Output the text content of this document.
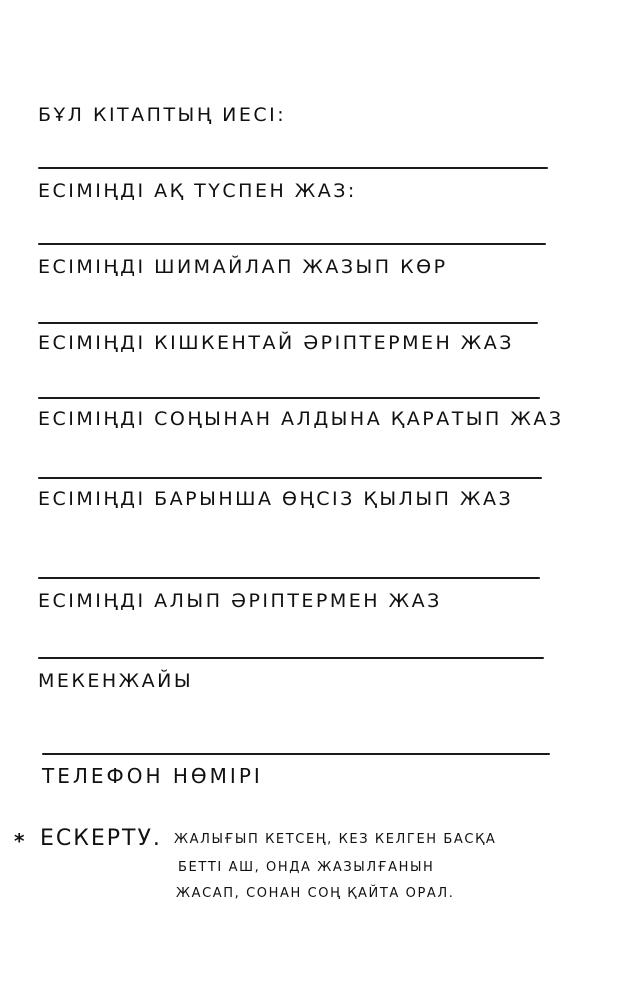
БҰЛ КІТАПТЫҢ ИЕСІ:
ЕСІМІҢДІ АҚ ТҮСПЕН ЖАЗ:
ЕСІМІҢДІ ШИМАЙЛАП ЖАЗЫП КӨР
ЕСІМІҢДІ КІШКЕНТАЙ ӘРІПТЕРМЕН ЖАЗ
ЕСІМІҢДІ СОҢЫНАН АЛДЫНА ҚАРАТЫП ЖАЗ
ЕСІМІҢДІ БАРЫНША ӨҢСІЗ ҚЫЛЫП ЖАЗ
ЕСІМІҢДІ АЛЫП ӘРІПТЕРМЕН ЖАЗ
МЕКЕНЖАЙЫ
ТЕЛЕФОН НӨМІРІ
* ЕСКЕРТУ. ЖАЛЫҒЫП КЕТСЕҢ, КЕЗ КЕЛГЕН БАСҚА
БЕТТІ АШ, ОНДА ЖАЗЫЛҒАНЫН
ЖАСАП, СОНАН СОҢ ҚАЙТА ОРАЛ.
